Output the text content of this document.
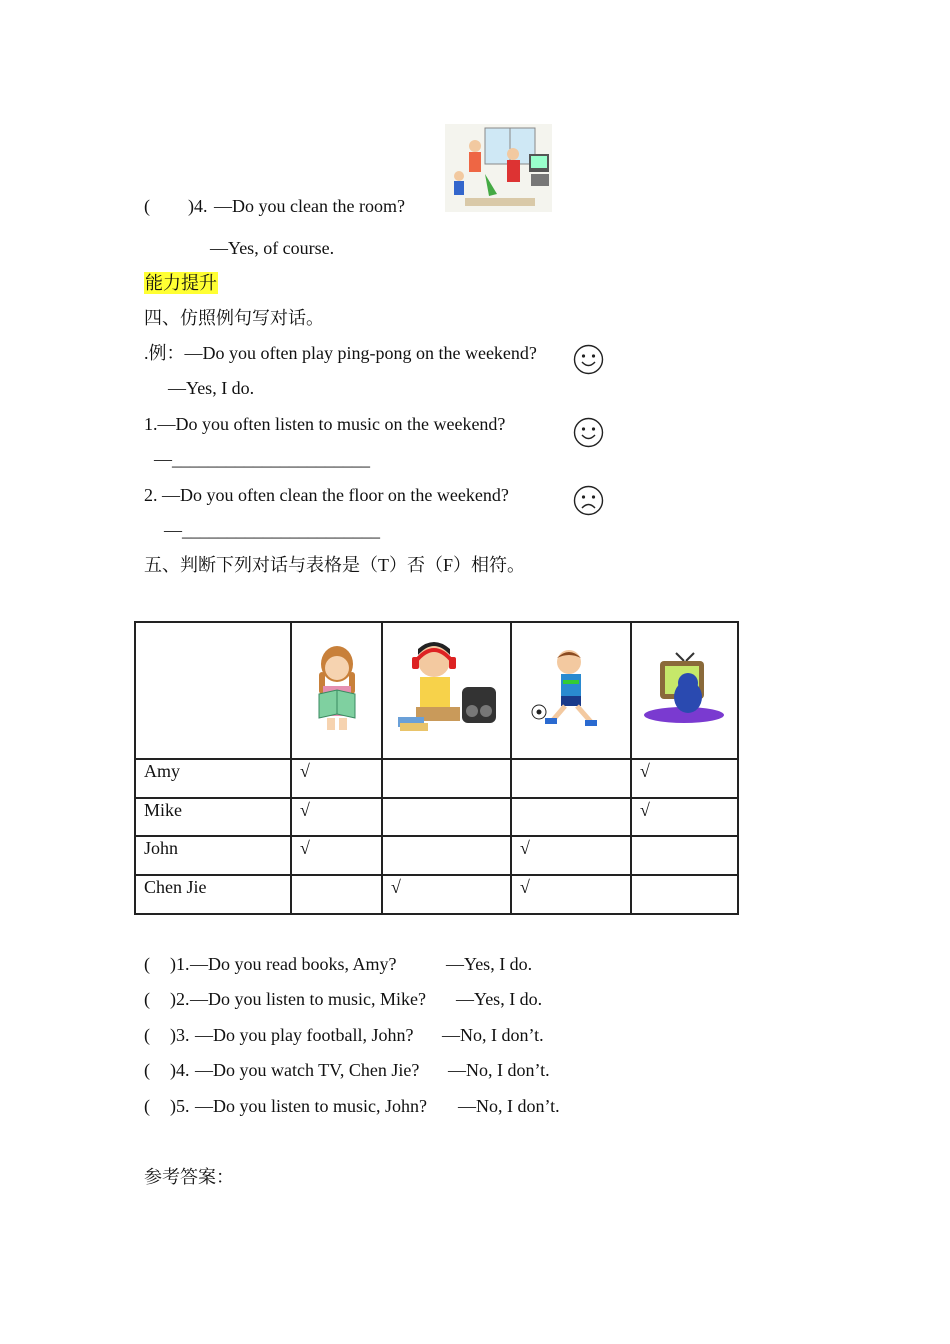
( )4. —Do you clean the room?
—Yes, of course.
能力提升
四、仿照例句写对话。
.例：—Do you often play ping-pong on the weekend?
—Yes, I do.
1.—Do you often listen to music on the weekend?
—______________________
2. —Do you often clean the floor on the weekend?
—______________________
五、判断下列对话与表格是（T）否（F）相符。

Amy	√			√
Mike	√			√
John	√		√	
Chen Jie		√	√	
( )1. —Do you read books, Amy?	—Yes, I do.
( )2. —Do you listen to music, Mike? —Yes, I do.
( )3. —Do you play football, John? —No, I don’t.
( )4. —Do you watch TV, Chen Jie? —No, I don’t.
( )5. —Do you listen to music, John? —No, I don’t.
参考答案：
